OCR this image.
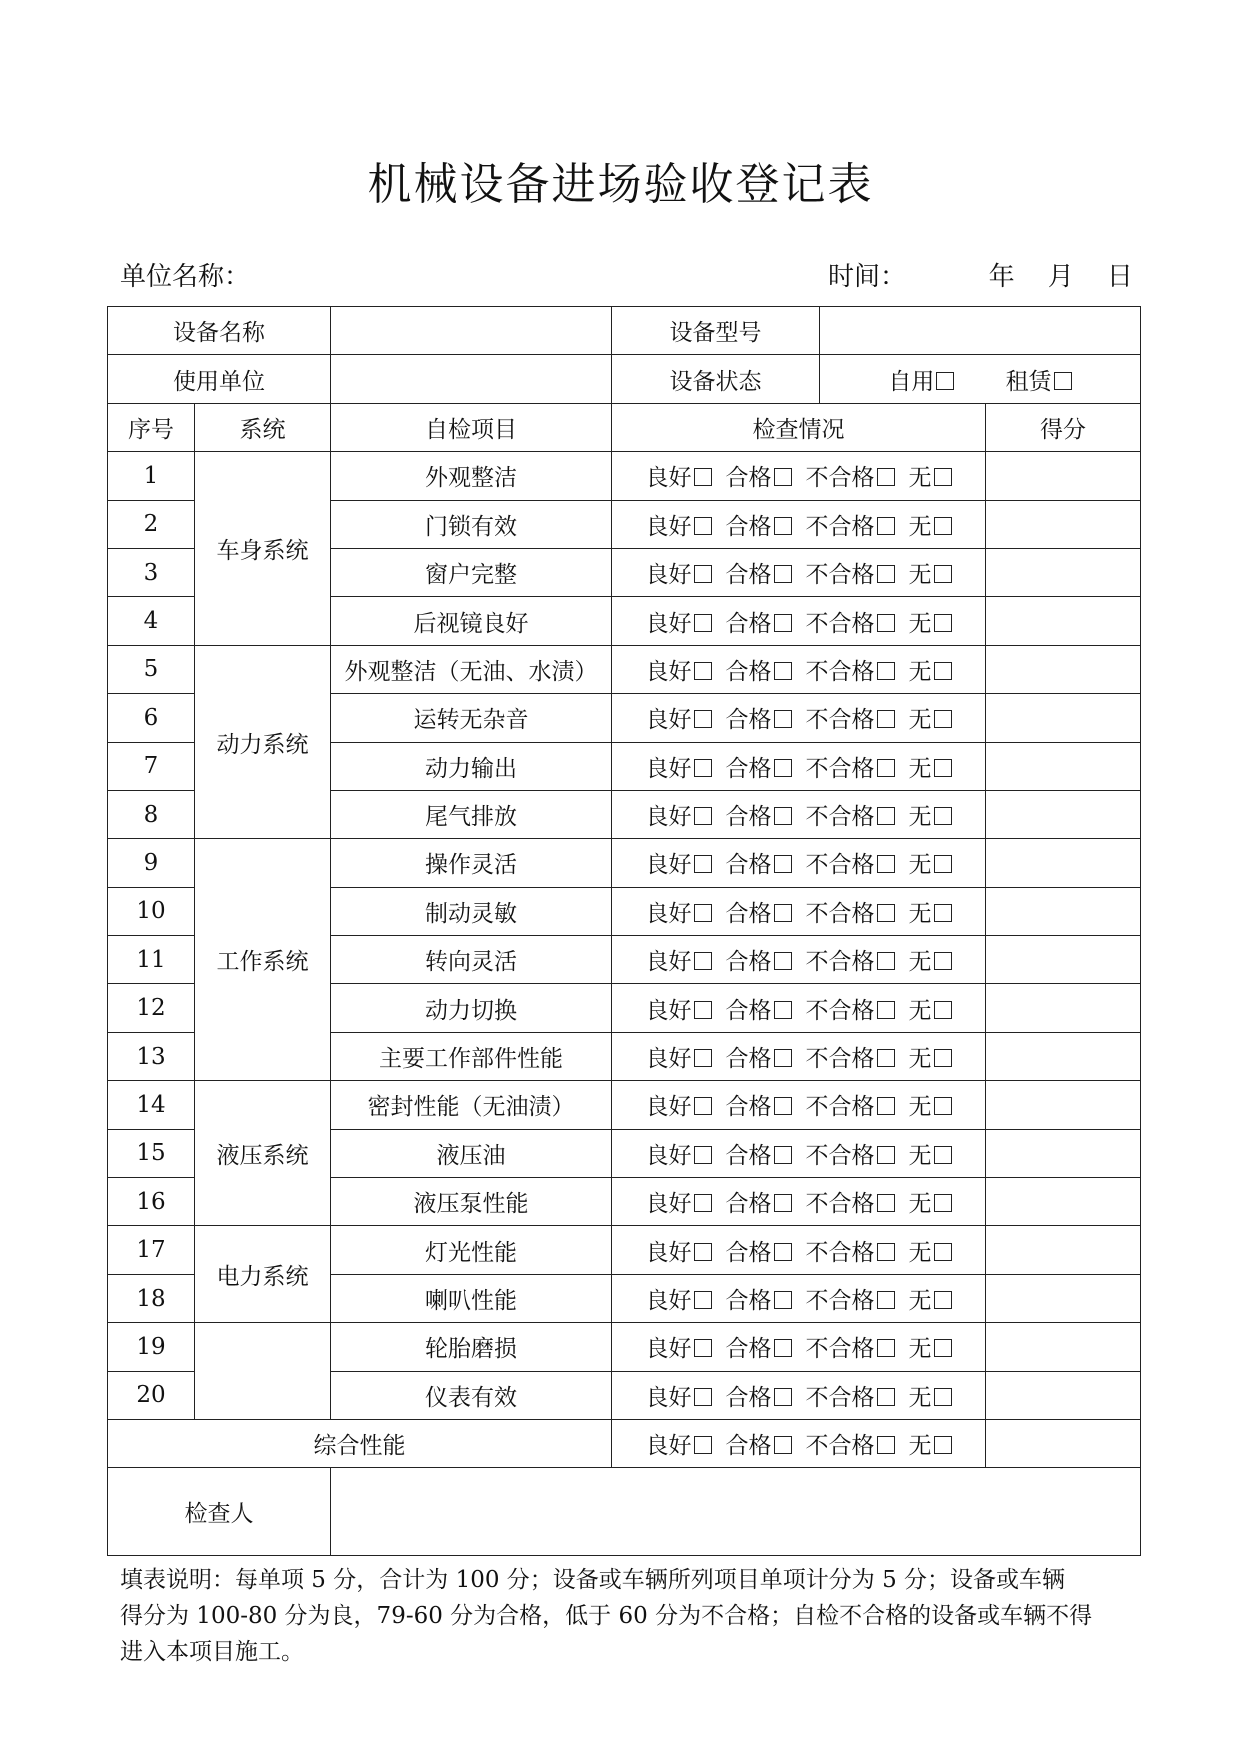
机械设备进场验收登记表
单位名称：	时间：	年 月 日
设备名称			设备型号		
使用单位			设备状态	自用 租赁	
序号	系统	自检项目	检查情况		得分
1	车身系统	外观整洁	良好 合格 不合格 无		
2		门锁有效	良好 合格 不合格 无		
3		窗户完整	良好 合格 不合格 无		
4		后视镜良好	良好 合格 不合格 无		
5	动力系统	外观整洁（无油、水渍）	良好 合格 不合格 无		
6		运转无杂音	良好 合格 不合格 无		
7		动力输出	良好 合格 不合格 无		
8		尾气排放	良好 合格 不合格 无		
9	工作系统	操作灵活	良好 合格 不合格 无		
10		制动灵敏	良好 合格 不合格 无		
11		转向灵活	良好 合格 不合格 无		
12		动力切换	良好 合格 不合格 无		
13		主要工作部件性能	良好 合格 不合格 无		
14	液压系统	密封性能（无油渍）	良好 合格 不合格 无		
15		液压油	良好 合格 不合格 无		
16		液压泵性能	良好 合格 不合格 无		
17	电力系统	灯光性能	良好 合格 不合格 无		
18		喇叭性能	良好 合格 不合格 无		
19		轮胎磨损	良好 合格 不合格 无		
20		仪表有效	良好 合格 不合格 无		
综合性能			良好 合格 不合格 无		
检查人					
填表说明：每单项 5 分，合计为 100 分；设备或车辆所列项目单项计分为 5 分；设备或车辆
得分为 100-80 分为良，79-60 分为合格，低于 60 分为不合格；自检不合格的设备或车辆不得
进入本项目施工。
